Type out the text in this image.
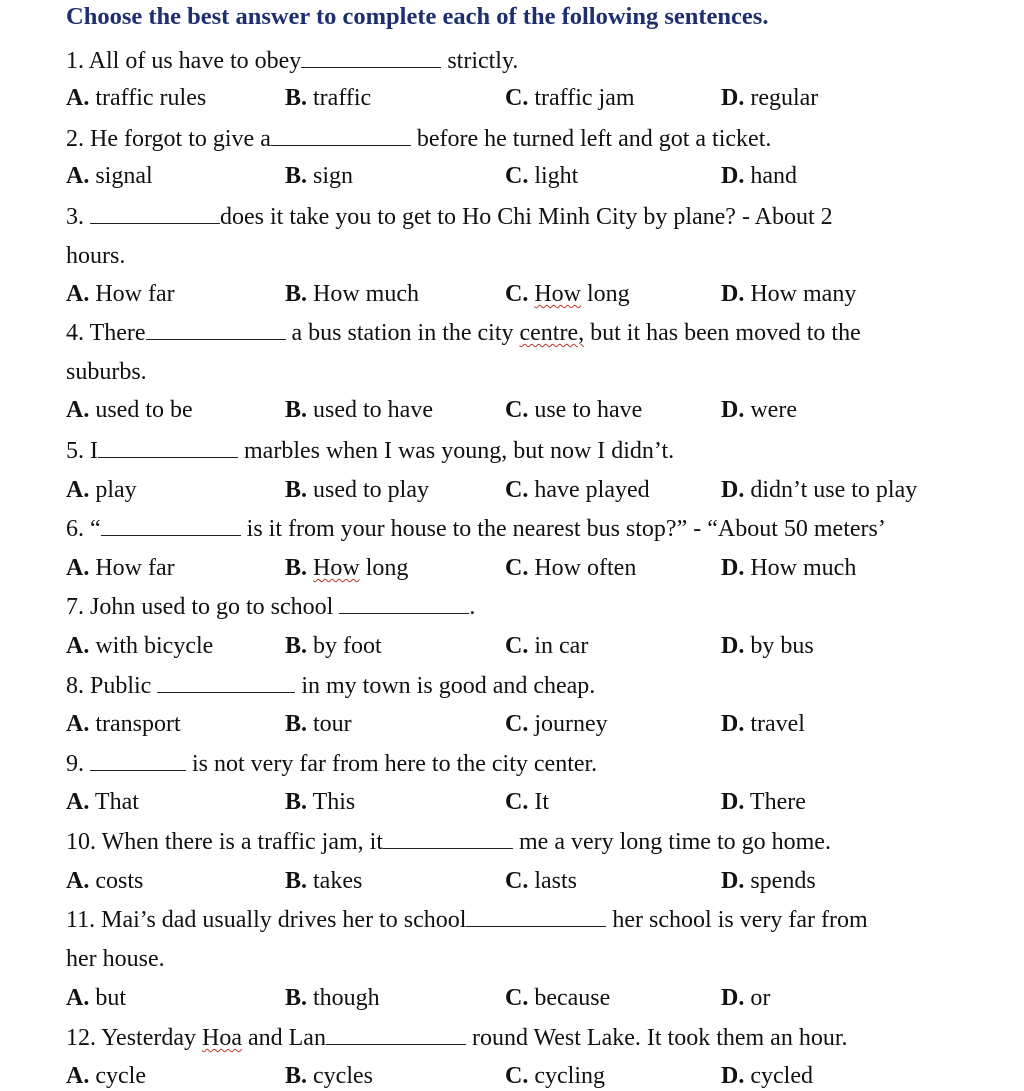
Choose the best answer to complete each of the following sentences.
1. All of us have to obey	strictly.
A. traffic rules	B. traffic	C. traffic jam	D. regular
2. He forgot to give a	before he turned left and got a ticket.
A. signal	B. sign	C. light	D. hand
3.	does it take you to get to Ho Chi Minh City by plane? - About 2
hours.
A. How far	B. How much	C. How long	D. How many
4. There	a bus station in the city centre, but it has been moved to the
suburbs.
A. used to be	B. used to have	C. use to have	D. were
5. I	marbles when I was young, but now I didn’t.
A. play	B. used to play	C. have played	D. didn’t use to play
6. “	is it from your house to the nearest bus stop?” - “About 50 meters’
A. How far	B. How long	C. How often	D. How much
7. John used to go to school	.
A. with bicycle	B. by foot	C. in car	D. by bus
8. Public	in my town is good and cheap.
A. transport	B. tour	C. journey	D. travel
9.	is not very far from here to the city center.
A. That	B. This	C. It	D. There
10. When there is a traffic jam, it	me a very long time to go home.
A. costs	B. takes	C. lasts	D. spends
11. Mai’s dad usually drives her to school	her school is very far from
her house.
A. but	B. though	C. because	D. or
12. Yesterday Hoa and Lan	round West Lake. It took them an hour.
A. cycle	B. cycles	C. cycling	D. cycled
